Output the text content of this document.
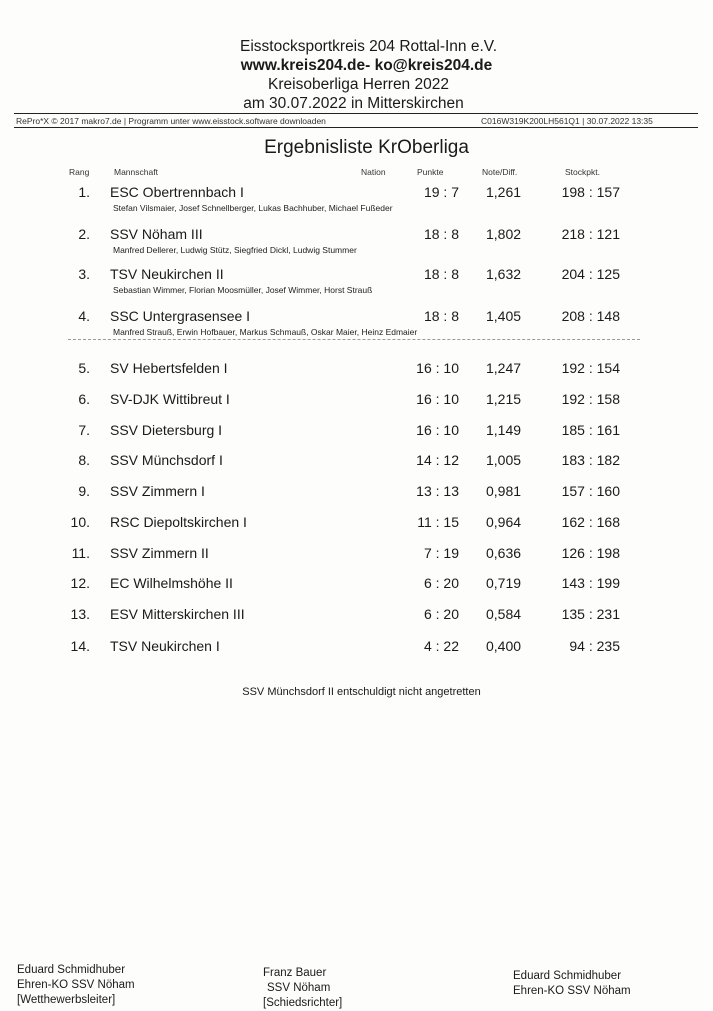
Eisstocksportkreis 204 Rottal-Inn e.V.
www.kreis204.de- ko@kreis204.de
Kreisoberliga Herren 2022
am 30.07.2022 in Mitterskirchen
RePro*X © 2017 makro7.de | Programm unter www.eisstock.software downloaden	C016W319K200LH561Q1 | 30.07.2022 13:35
Ergebnisliste KrOberliga
Rang	Mannschaft	Nation	Punkte	Note/Diff.	Stockpkt.
1. ESC Obertrennbach I	19 : 7 1,261	198 : 157
Stefan Vilsmaier, Josef Schnellberger, Lukas Bachhuber, Michael Fußeder
2. SSV Nöham III	18 : 8 1,802	218 : 121
Manfred Dellerer, Ludwig Stütz, Siegfried Dickl, Ludwig Stummer
3. TSV Neukirchen II	18 : 8 1,632	204 : 125
Sebastian Wimmer, Florian Moosmüller, Josef Wimmer, Horst Strauß
4. SSC Untergrasensee I	18 : 8 1,405	208 : 148
Manfred Strauß, Erwin Hofbauer, Markus Schmauß, Oskar Maier, Heinz Edmaier
5. SV Hebertsfelden I	16 : 10 1,247	192 : 154
6. SV-DJK Wittibreut I	16 : 10 1,215	192 : 158
7. SSV Dietersburg I	16 : 10 1,149	185 : 161
8. SSV Münchsdorf I	14 : 12 1,005	183 : 182
9. SSV Zimmern I	13 : 13 0,981	157 : 160
10. RSC Diepoltskirchen I	11 : 15 0,964	162 : 168
11. SSV Zimmern II	7 : 19 0,636	126 : 198
12. EC Wilhelmshöhe II	6 : 20 0,719	143 : 199
13. ESV Mitterskirchen III	6 : 20 0,584	135 : 231
14. TSV Neukirchen I	4 : 22 0,400	94 : 235
SSV Münchsdorf II entschuldigt nicht angetretten
Eduard Schmidhuber
Ehren-KO SSV Nöham
[Wetthewerbsleiter]
Franz Bauer
SSV Nöham
[Schiedsrichter]
Eduard Schmidhuber
Ehren-KO SSV Nöham
